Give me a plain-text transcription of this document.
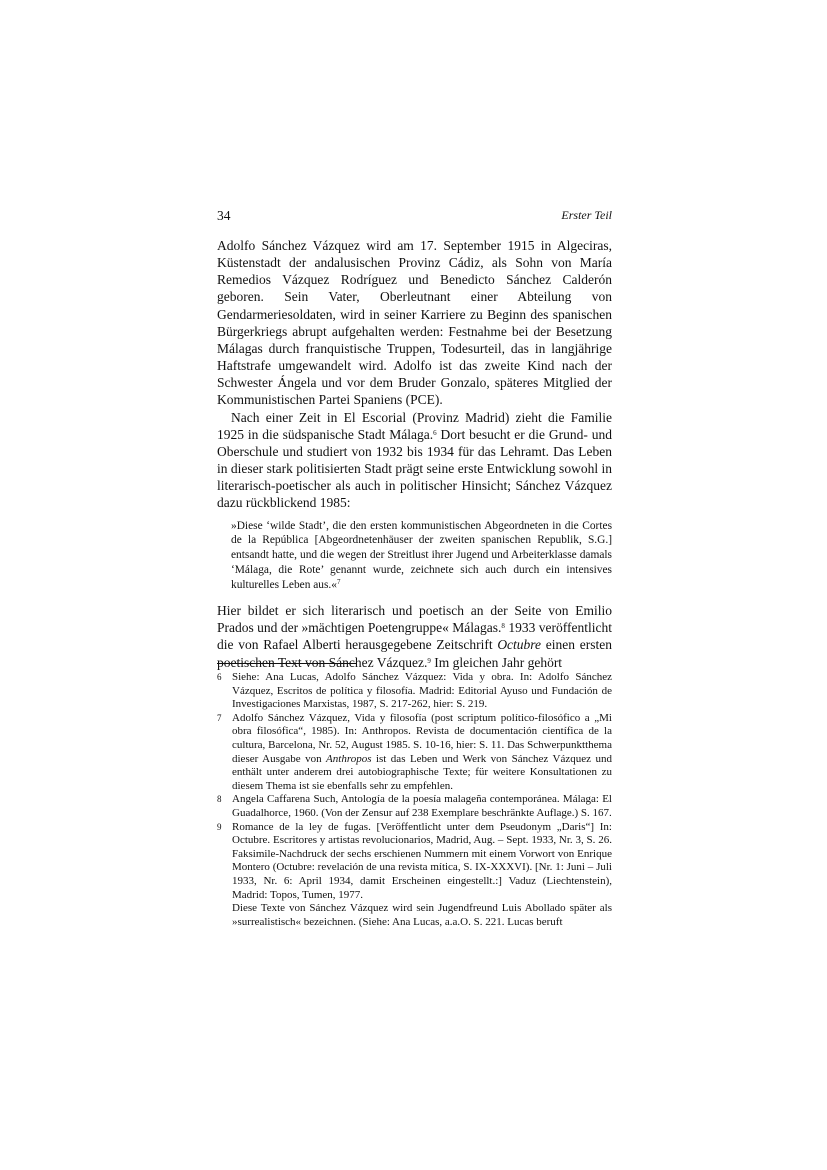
34	Erster Teil

Adolfo Sánchez Vázquez wird am 17. September 1915 in Algeciras, Küstenstadt der andalusischen Provinz Cádiz, als Sohn von María Remedios Vázquez Rodríguez und Benedicto Sánchez Calderón geboren. Sein Vater, Oberleutnant einer Abteilung von Gendarmeriesoldaten, wird in seiner Karriere zu Beginn des spanischen Bürgerkriegs abrupt aufgehalten werden: Festnahme bei der Besetzung Málagas durch franquistische Truppen, Todesurteil, das in langjährige Haftstrafe umgewandelt wird. Adolfo ist das zweite Kind nach der Schwester Ángela und vor dem Bruder Gonzalo, späteres Mitglied der Kommunistischen Partei Spaniens (PCE).

Nach einer Zeit in El Escorial (Provinz Madrid) zieht die Familie 1925 in die südspanische Stadt Málaga.$^6$ Dort besucht er die Grund- und Oberschule und studiert von 1932 bis 1934 für das Lehramt. Das Leben in dieser stark politisierten Stadt prägt seine erste Entwicklung sowohl in literarisch-poetischer als auch in politischer Hinsicht; Sánchez Vázquez dazu rückblickend 1985:

»Diese ‘wilde Stadt’, die den ersten kommunistischen Abgeordneten in die Cortes de la República [Abgeordnetenhäuser der zweiten spanischen Republik, S.G.] entsandt hatte, und die wegen der Streitlust ihrer Jugend und Arbeiterklasse damals ‘Málaga, die Rote’ genannt wurde, zeichnete sich auch durch ein intensives kulturelles Leben aus.«$^7$

Hier bildet er sich literarisch und poetisch an der Seite von Emilio Prados und der »mächtigen Poetengruppe« Málagas.$^8$ 1933 veröffentlicht die von Rafael Alberti herausgegebene Zeitschrift Octubre einen ersten poetischen Text von Sánchez Vázquez.$^9$ Im gleichen Jahr gehört

6 Siehe: Ana Lucas, Adolfo Sánchez Vázquez: Vida y obra. In: Adolfo Sánchez Vázquez, Escritos de política y filosofía. Madrid: Editorial Ayuso und Fundación de Investigaciones Marxistas, 1987, S. 217-262, hier: S. 219.

7 Adolfo Sánchez Vázquez, Vida y filosofía (post scriptum político-filosófico a „Mi obra filosófica“, 1985). In: Anthropos. Revista de documentación científica de la cultura, Barcelona, Nr. 52, August 1985. S. 10-16, hier: S. 11. Das Schwerpunktthema dieser Ausgabe von Anthropos ist das Leben und Werk von Sánchez Vázquez und enthält unter anderem drei autobiographische Texte; für weitere Konsultationen zu diesem Thema ist sie ebenfalls sehr zu empfehlen.

8 Angela Caffarena Such, Antología de la poesía malageña contemporánea. Málaga: El Guadalhorce, 1960. (Von der Zensur auf 238 Exemplare beschränkte Auflage.) S. 167.

9 Romance de la ley de fugas. [Veröffentlicht unter dem Pseudonym „Daris“] In: Octubre. Escritores y artistas revolucionarios, Madrid, Aug. – Sept. 1933, Nr. 3, S. 26. Faksimile-Nachdruck der sechs erschienen Nummern mit einem Vorwort von Enrique Montero (Octubre: revelación de una revista mítica, S. IX-XXXVI). [Nr. 1: Juni – Juli 1933, Nr. 6: April 1934, damit Erscheinen eingestellt.:] Vaduz (Liechtenstein), Madrid: Topos, Tumen, 1977.

Diese Texte von Sánchez Vázquez wird sein Jugendfreund Luis Abollado später als »surrealistisch« bezeichnen. (Siehe: Ana Lucas, a.a.O. S. 221. Lucas beruft
